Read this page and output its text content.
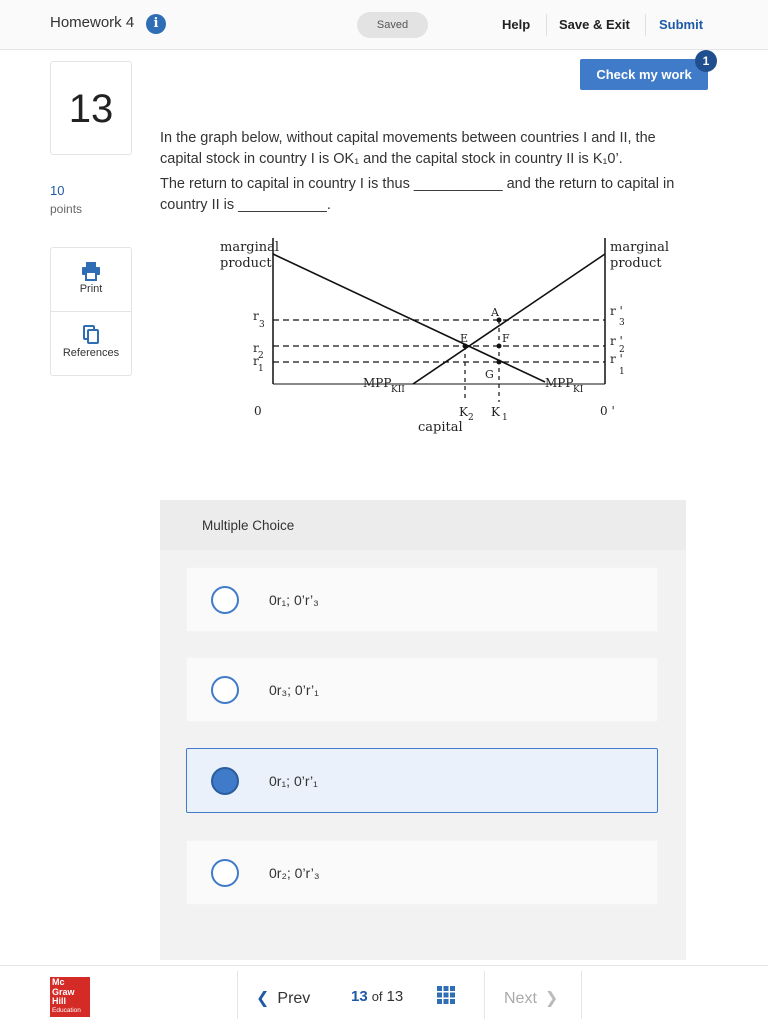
Homework 4	i	Saved	Help Save & Exit Submit
13
10
points
Print
References
Check my work
1

In the graph below, without capital movements between countries I and II, the capital stock in country I is OK₁ and the capital stock in country II is K₁0’.

The return to capital in country I is thus ___________ and the return to capital in country II is ___________.

marginal
product
marginal
product
r
3
r
2
r
1
r '
3
r '
2
r '
1
0	0 '
MPP KII	MPP KI
K 2 K 1
capital
A
E	F
G
Multiple Choice
0r₁; 0’r’₃
0r₃; 0’r’₁
0r₁; 0’r’₁
0r₂; 0’r’₃
Mc
Graw
Hill
Education
❮ Prev	13 of 13	Next ❯
